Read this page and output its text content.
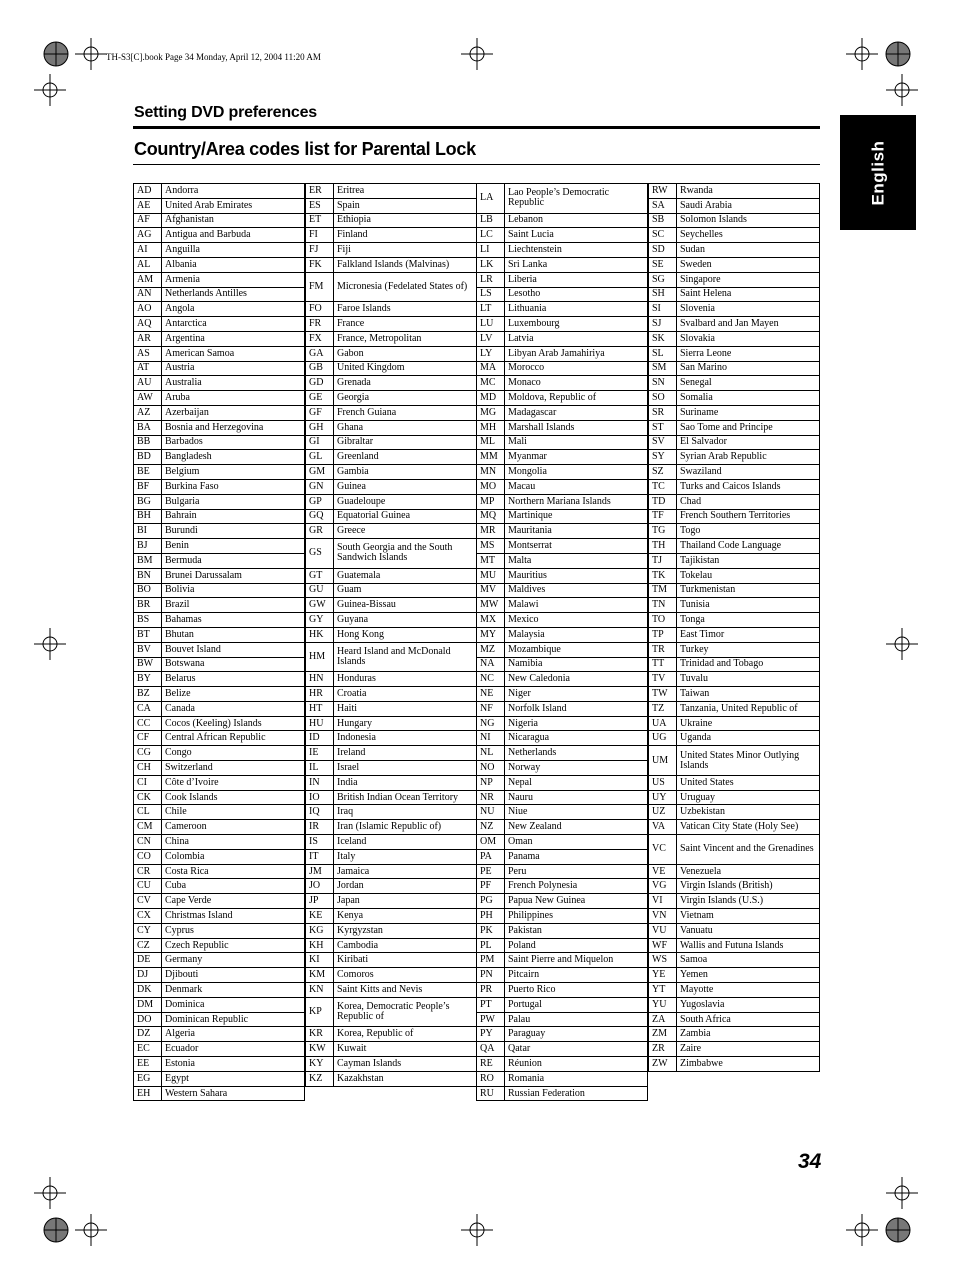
TH-S3[C].book Page 34 Monday, April 12, 2004 11:20 AM
Setting DVD preferences
Country/Area codes list for Parental Lock	English
AD	Andorra
AE	United Arab Emirates
AF	Afghanistan
AG	Antigua and Barbuda
AI	Anguilla
AL	Albania
AM	Armenia
AN	Netherlands Antilles
AO	Angola
AQ	Antarctica
AR	Argentina
AS	American Samoa
AT	Austria
AU	Australia
AW	Aruba
AZ	Azerbaijan
BA	Bosnia and Herzegovina
BB	Barbados
BD	Bangladesh
BE	Belgium
BF	Burkina Faso
BG	Bulgaria
BH	Bahrain
BI	Burundi
BJ	Benin
BM	Bermuda
BN	Brunei Darussalam
BO	Bolivia
BR	Brazil
BS	Bahamas
BT	Bhutan
BV	Bouvet Island
BW	Botswana
BY	Belarus
BZ	Belize
CA	Canada
CC	Cocos (Keeling) Islands
CF	Central African Republic
CG	Congo
CH	Switzerland
CI	Côte d’Ivoire
CK	Cook Islands
CL	Chile
CM	Cameroon
CN	China
CO	Colombia
CR	Costa Rica
CU	Cuba
CV	Cape Verde
CX	Christmas Island
CY	Cyprus
CZ	Czech Republic
DE	Germany
DJ	Djibouti
DK	Denmark
DM	Dominica
DO	Dominican Republic
DZ	Algeria
EC	Ecuador
EE	Estonia
EG	Egypt
EH	Western Sahara
ER	Eritrea
ES	Spain
ET	Ethiopia
FI	Finland
FJ	Fiji
FK	Falkland Islands (Malvinas)
FM	Micronesia (Fedelated States of)
FO	Faroe Islands
FR	France
FX	France, Metropolitan
GA	Gabon
GB	United Kingdom
GD	Grenada
GE	Georgia
GF	French Guiana
GH	Ghana
GI	Gibraltar
GL	Greenland
GM	Gambia
GN	Guinea
GP	Guadeloupe
GQ	Equatorial Guinea
GR	Greece
GS	South Georgia and the South Sandwich Islands
GT	Guatemala
GU	Guam
GW	Guinea-Bissau
GY	Guyana
HK	Hong Kong
HM	Heard Island and McDonald Islands
HN	Honduras
HR	Croatia
HT	Haiti
HU	Hungary
ID	Indonesia
IE	Ireland
IL	Israel
IN	India
IO	British Indian Ocean Territory
IQ	Iraq
IR	Iran (Islamic Republic of)
IS	Iceland
IT	Italy
JM	Jamaica
JO	Jordan
JP	Japan
KE	Kenya
KG	Kyrgyzstan
KH	Cambodia
KI	Kiribati
KM	Comoros
KN	Saint Kitts and Nevis
KP	Korea, Democratic People’s Republic of
KR	Korea, Republic of
KW	Kuwait
KY	Cayman Islands
KZ	Kazakhstan
LA	Lao People’s Democratic Republic
LB	Lebanon
LC	Saint Lucia
LI	Liechtenstein
LK	Sri Lanka
LR	Liberia
LS	Lesotho
LT	Lithuania
LU	Luxembourg
LV	Latvia
LY	Libyan Arab Jamahiriya
MA	Morocco
MC	Monaco
MD	Moldova, Republic of
MG	Madagascar
MH	Marshall Islands
ML	Mali
MM	Myanmar
MN	Mongolia
MO	Macau
MP	Northern Mariana Islands
MQ	Martinique
MR	Mauritania
MS	Montserrat
MT	Malta
MU	Mauritius
MV	Maldives
MW	Malawi
MX	Mexico
MY	Malaysia
MZ	Mozambique
NA	Namibia
NC	New Caledonia
NE	Niger
NF	Norfolk Island
NG	Nigeria
NI	Nicaragua
NL	Netherlands
NO	Norway
NP	Nepal
NR	Nauru
NU	Niue
NZ	New Zealand
OM	Oman
PA	Panama
PE	Peru
PF	French Polynesia
PG	Papua New Guinea
PH	Philippines
PK	Pakistan
PL	Poland
PM	Saint Pierre and Miquelon
PN	Pitcairn
PR	Puerto Rico
PT	Portugal
PW	Palau
PY	Paraguay
QA	Qatar
RE	Réunion
RO	Romania
RU	Russian Federation
RW	Rwanda
SA	Saudi Arabia
SB	Solomon Islands
SC	Seychelles
SD	Sudan
SE	Sweden
SG	Singapore
SH	Saint Helena
SI	Slovenia
SJ	Svalbard and Jan Mayen
SK	Slovakia
SL	Sierra Leone
SM	San Marino
SN	Senegal
SO	Somalia
SR	Suriname
ST	Sao Tome and Principe
SV	El Salvador
SY	Syrian Arab Republic
SZ	Swaziland
TC	Turks and Caicos Islands
TD	Chad
TF	French Southern Territories
TG	Togo
TH	Thailand Code Language
TJ	Tajikistan
TK	Tokelau
TM	Turkmenistan
TN	Tunisia
TO	Tonga
TP	East Timor
TR	Turkey
TT	Trinidad and Tobago
TV	Tuvalu
TW	Taiwan
TZ	Tanzania, United Republic of
UA	Ukraine
UG	Uganda
UM	United States Minor Outlying Islands
US	United States
UY	Uruguay
UZ	Uzbekistan
VA	Vatican City State (Holy See)
VC	Saint Vincent and the Grenadines
VE	Venezuela
VG	Virgin Islands (British)
VI	Virgin Islands (U.S.)
VN	Vietnam
VU	Vanuatu
WF	Wallis and Futuna Islands
WS	Samoa
YE	Yemen
YT	Mayotte
YU	Yugoslavia
ZA	South Africa
ZM	Zambia
ZR	Zaire
ZW	Zimbabwe
34
